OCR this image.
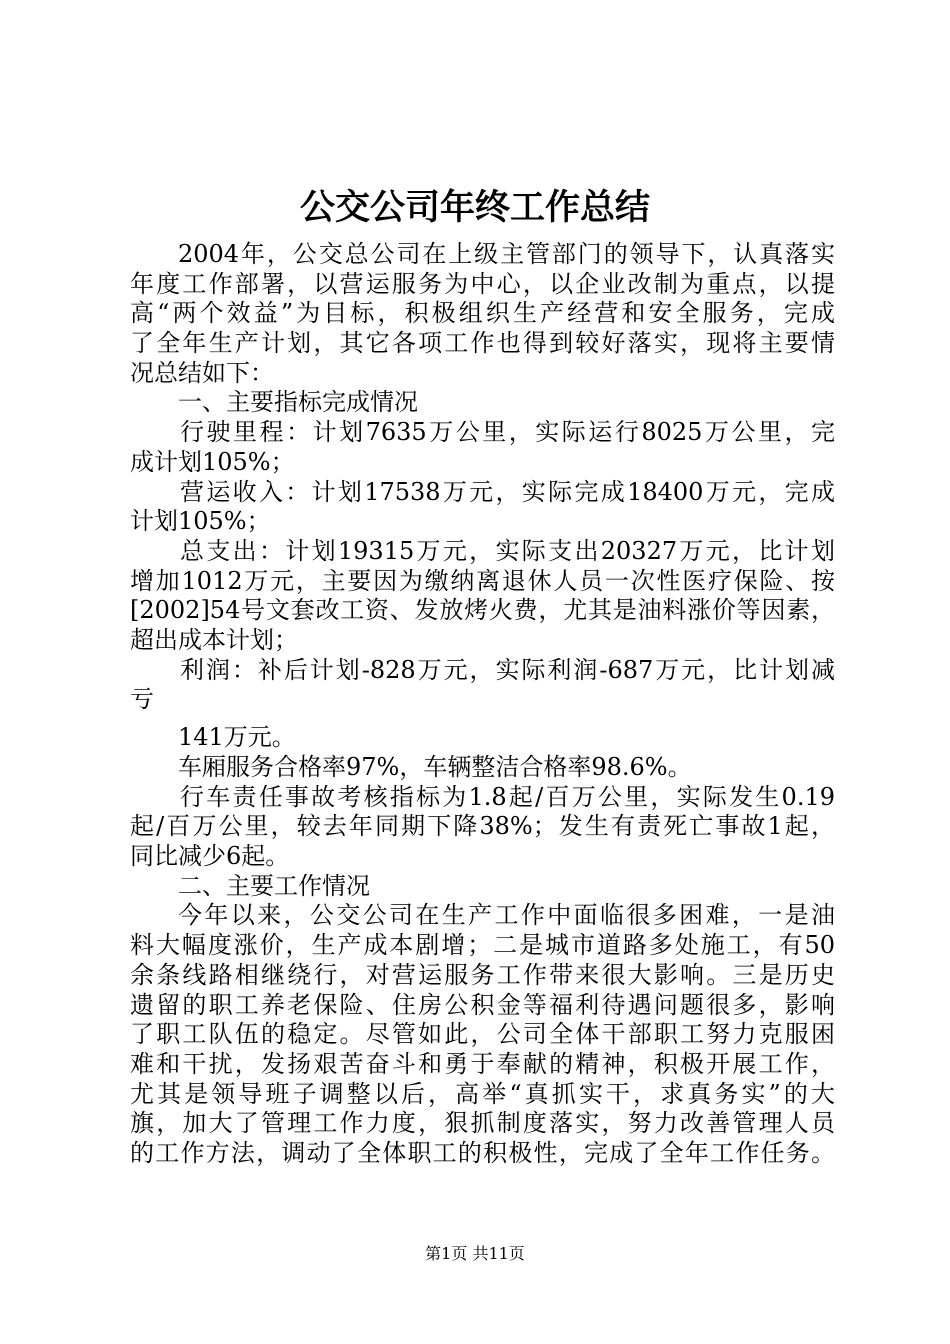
公交公司年终工作总结
2004年，公交总公司在上级主管部门的领导下，认真落实
年度工作部署，以营运服务为中心，以企业改制为重点，以提
高“两个效益”为目标，积极组织生产经营和安全服务，完成
了全年生产计划，其它各项工作也得到较好落实，现将主要情
况总结如下：
一、主要指标完成情况
行驶里程：计划7635万公里，实际运行8025万公里，完
成计划105%；
营运收入：计划17538万元，实际完成18400万元，完成
计划105%；
总支出：计划19315万元，实际支出20327万元，比计划
增加1012万元，主要因为缴纳离退休人员一次性医疗保险、按
[2002]54号文套改工资、发放烤火费，尤其是油料涨价等因素，
超出成本计划；
利润：补后计划-828万元，实际利润-687万元，比计划减
亏
141万元。
车厢服务合格率97%，车辆整洁合格率98.6%。
行车责任事故考核指标为1.8起/百万公里，实际发生0.19
起/百万公里，较去年同期下降38%；发生有责死亡事故1起，
同比减少6起。
二、主要工作情况
今年以来，公交公司在生产工作中面临很多困难，一是油
料大幅度涨价，生产成本剧增；二是城市道路多处施工，有50
余条线路相继绕行，对营运服务工作带来很大影响。三是历史
遗留的职工养老保险、住房公积金等福利待遇问题很多，影响
了职工队伍的稳定。尽管如此，公司全体干部职工努力克服困
难和干扰，发扬艰苦奋斗和勇于奉献的精神，积极开展工作，
尤其是领导班子调整以后，高举“真抓实干，求真务实”的大
旗，加大了管理工作力度，狠抓制度落实，努力改善管理人员
的工作方法，调动了全体职工的积极性，完成了全年工作任务。
第1页 共11页
